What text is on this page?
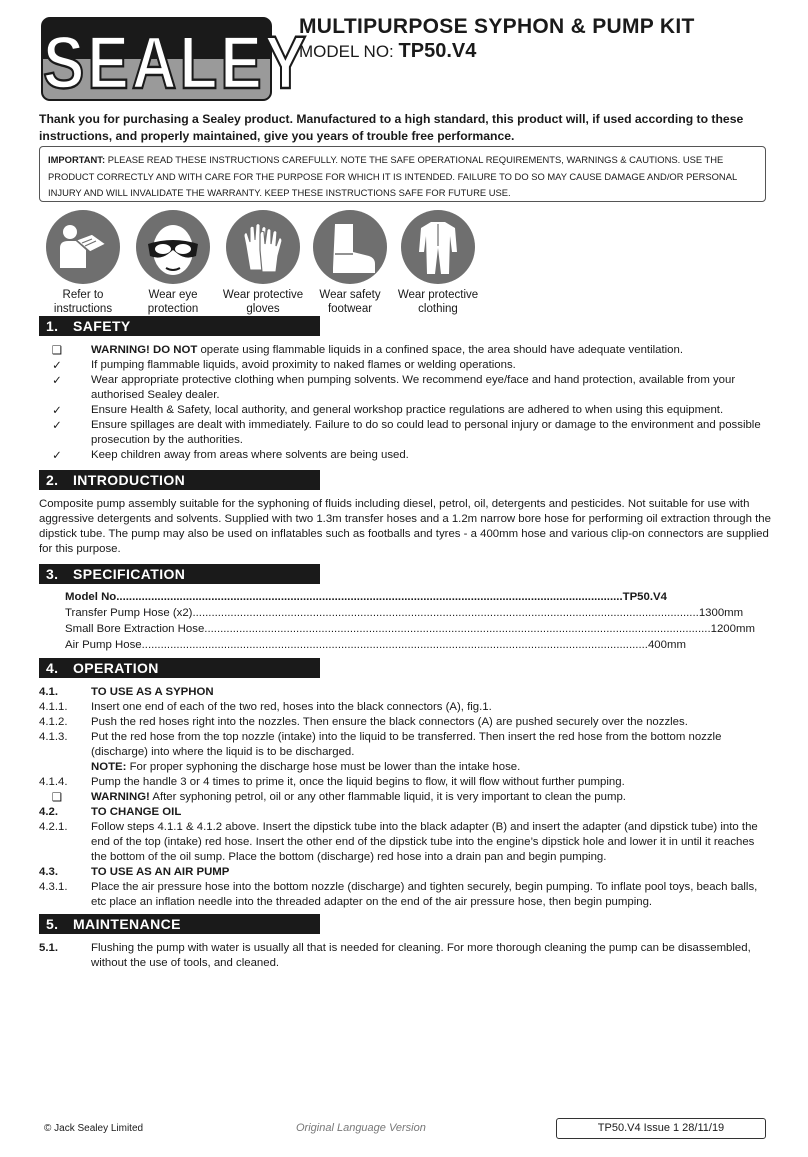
SEALEY
MULTIPURPOSE SYPHON & PUMP KIT
MODEL NO: TP50.V4
Thank you for purchasing a Sealey product. Manufactured to a high standard, this product will, if used according to these instructions, and properly maintained, give you years of trouble free performance.
IMPORTANT: PLEASE READ THESE INSTRUCTIONS CAREFULLY. NOTE THE SAFE OPERATIONAL REQUIREMENTS, WARNINGS & CAUTIONS. USE THE PRODUCT CORRECTLY AND WITH CARE FOR THE PURPOSE FOR WHICH IT IS INTENDED. FAILURE TO DO SO MAY CAUSE DAMAGE AND/OR PERSONAL INJURY AND WILL INVALIDATE THE WARRANTY. KEEP THESE INSTRUCTIONS SAFE FOR FUTURE USE.
Refer to
instructions
Wear eye
protection
Wear protective
gloves
Wear safety
footwear
Wear protective
clothing
1. SAFETY
❑	WARNING! DO NOT operate using flammable liquids in a confined space, the area should have adequate ventilation.
✓	If pumping flammable liquids, avoid proximity to naked flames or welding operations.
✓	Wear appropriate protective clothing when pumping solvents. We recommend eye/face and hand protection, available from your authorised Sealey dealer.
✓	Ensure Health & Safety, local authority, and general workshop practice regulations are adhered to when using this equipment.
✓	Ensure spillages are dealt with immediately. Failure to do so could lead to personal injury or damage to the environment and possible prosecution by the authorities.
✓	Keep children away from areas where solvents are being used.
2. INTRODUCTION
Composite pump assembly suitable for the syphoning of fluids including diesel, petrol, oil, detergents and pesticides. Not suitable for use with aggressive detergents and solvents. Supplied with two 1.3m transfer hoses and a 1.2m narrow bore hose for performing oil extraction through the dipstick tube. The pump may also be used on inflatables such as footballs and tyres - a 400mm hose and various clip-on connectors are supplied for this purpose.
3. SPECIFICATION
Model No .....	TP50.V4
Transfer Pump Hose (x2) .....	1300mm
Small Bore Extraction Hose .....	1200mm
Air Pump Hose .....	400mm
4. OPERATION
4.1.	TO USE AS A SYPHON
4.1.1. Insert one end of each of the two red, hoses into the black connectors (A), fig.1.
4.1.2. Push the red hoses right into the nozzles. Then ensure the black connectors (A) are pushed securely over the nozzles.
4.1.3. Put the red hose from the top nozzle (intake) into the liquid to be transferred. Then insert the red hose from the bottom nozzle (discharge) into where the liquid is to be discharged.
NOTE: For proper syphoning the discharge hose must be lower than the intake hose.
4.1.4. Pump the handle 3 or 4 times to prime it, once the liquid begins to flow, it will flow without further pumping.
❑	WARNING! After syphoning petrol, oil or any other flammable liquid, it is very important to clean the pump.
4.2.	TO CHANGE OIL
4.2.1. Follow steps 4.1.1 & 4.1.2 above. Insert the dipstick tube into the black adapter (B) and insert the adapter (and dipstick tube) into the end of the top (intake) red hose. Insert the other end of the dipstick tube into the engine’s dipstick hole and lower it in until it reaches the bottom of the oil sump. Place the bottom (discharge) red hose into a drain pan and begin pumping.
4.3.	TO USE AS AN AIR PUMP
4.3.1. Place the air pressure hose into the bottom nozzle (discharge) and tighten securely, begin pumping. To inflate pool toys, beach balls, etc place an inflation needle into the threaded adapter on the end of the air pressure hose, then begin pumping.
5. MAINTENANCE
5.1.	Flushing the pump with water is usually all that is needed for cleaning. For more thorough cleaning the pump can be disassembled, without the use of tools, and cleaned.
© Jack Sealey Limited	Original Language Version	TP50.V4 Issue 1 28/11/19
